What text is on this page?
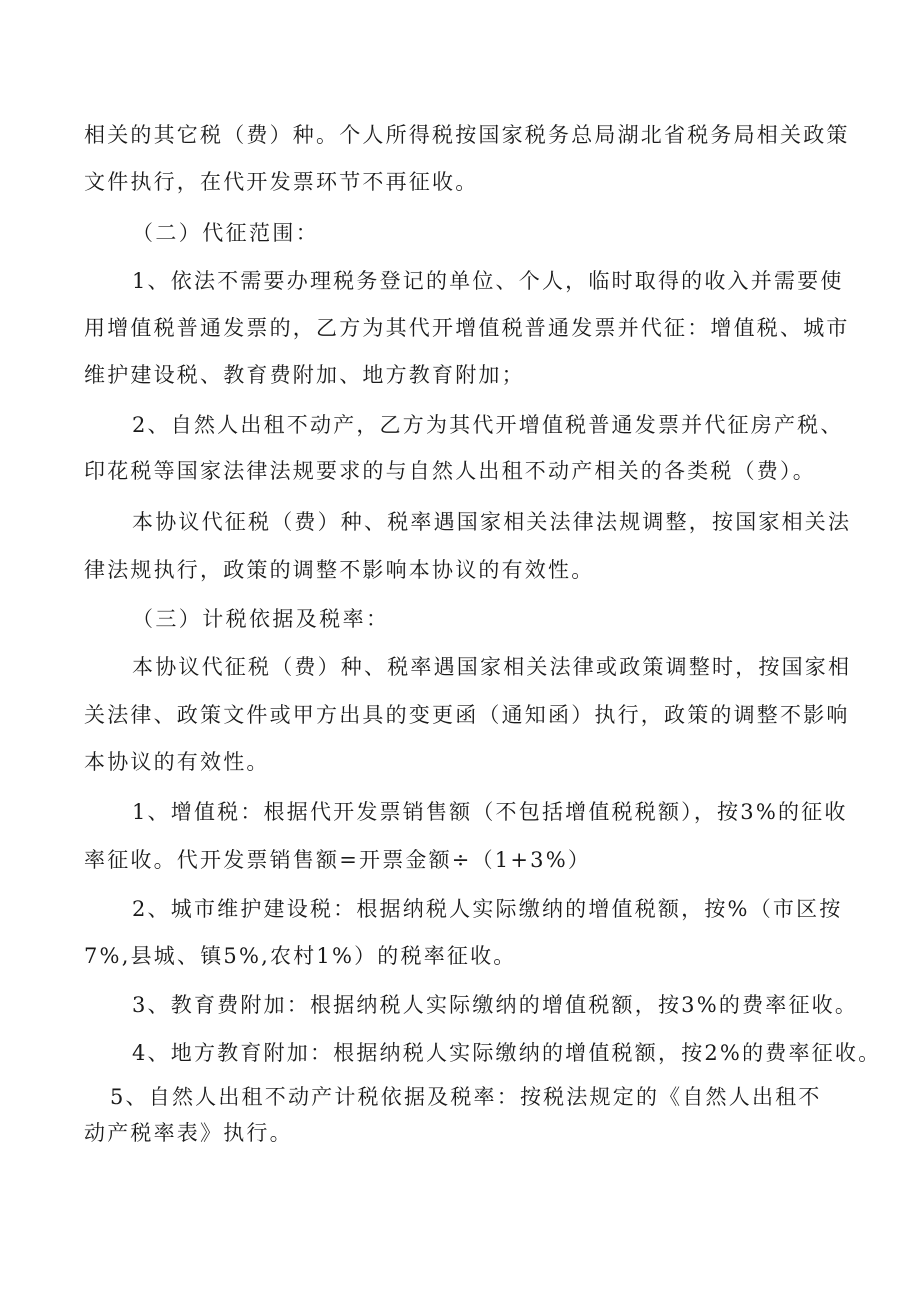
相关的其它税（费）种。个人所得税按国家税务总局湖北省税务局相关政策
文件执行，在代开发票环节不再征收。
（二）代征范围：
1、依法不需要办理税务登记的单位、个人，临时取得的收入并需要使
用增值税普通发票的，乙方为其代开增值税普通发票并代征：增值税、城市
维护建设税、教育费附加、地方教育附加；
2、自然人出租不动产，乙方为其代开增值税普通发票并代征房产税、
印花税等国家法律法规要求的与自然人出租不动产相关的各类税（费）。
本协议代征税（费）种、税率遇国家相关法律法规调整，按国家相关法
律法规执行，政策的调整不影响本协议的有效性。
（三）计税依据及税率：
本协议代征税（费）种、税率遇国家相关法律或政策调整时，按国家相
关法律、政策文件或甲方出具的变更函（通知函）执行，政策的调整不影响
本协议的有效性。
1、增值税：根据代开发票销售额（不包括增值税税额），按3%的征收
率征收。代开发票销售额=开票金额÷（1+3%）
2、城市维护建设税：根据纳税人实际缴纳的增值税额，按%（市区按
7%,县城、镇5%,农村1%）的税率征收。
3、教育费附加：根据纳税人实际缴纳的增值税额，按3%的费率征收。
4、地方教育附加：根据纳税人实际缴纳的增值税额，按2%的费率征收。
5、自然人出租不动产计税依据及税率：按税法规定的《自然人出租不
动产税率表》执行。
